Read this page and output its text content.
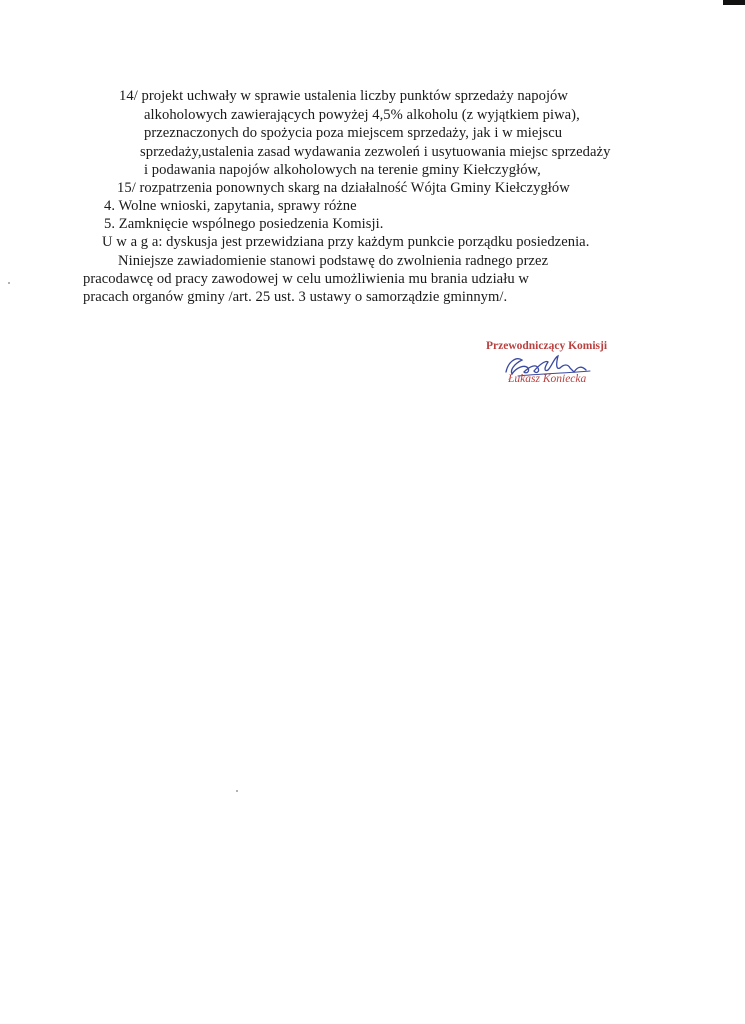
14/ projekt uchwały w sprawie ustalenia liczby punktów sprzedaży napojów
alkoholowych zawierających powyżej 4,5% alkoholu (z wyjątkiem piwa),
przeznaczonych do spożycia poza miejscem sprzedaży, jak i w miejscu
sprzedaży,ustalenia zasad wydawania zezwoleń i usytuowania miejsc sprzedaży
i podawania napojów alkoholowych na terenie gminy Kiełczygłów,
15/ rozpatrzenia ponownych skarg na działalność Wójta Gminy Kiełczygłów
4. Wolne wnioski, zapytania, sprawy różne
5. Zamknięcie wspólnego posiedzenia Komisji.
U w a g a: dyskusja jest przewidziana przy każdym punkcie porządku posiedzenia.
Niniejsze zawiadomienie stanowi podstawę do zwolnienia radnego przez
pracodawcę od pracy zawodowej w celu umożliwienia mu brania udziału w
pracach organów gminy /art. 25 ust. 3 ustawy o samorządzie gminnym/.
Przewodniczący Komisji
Łukasz Koniecka
